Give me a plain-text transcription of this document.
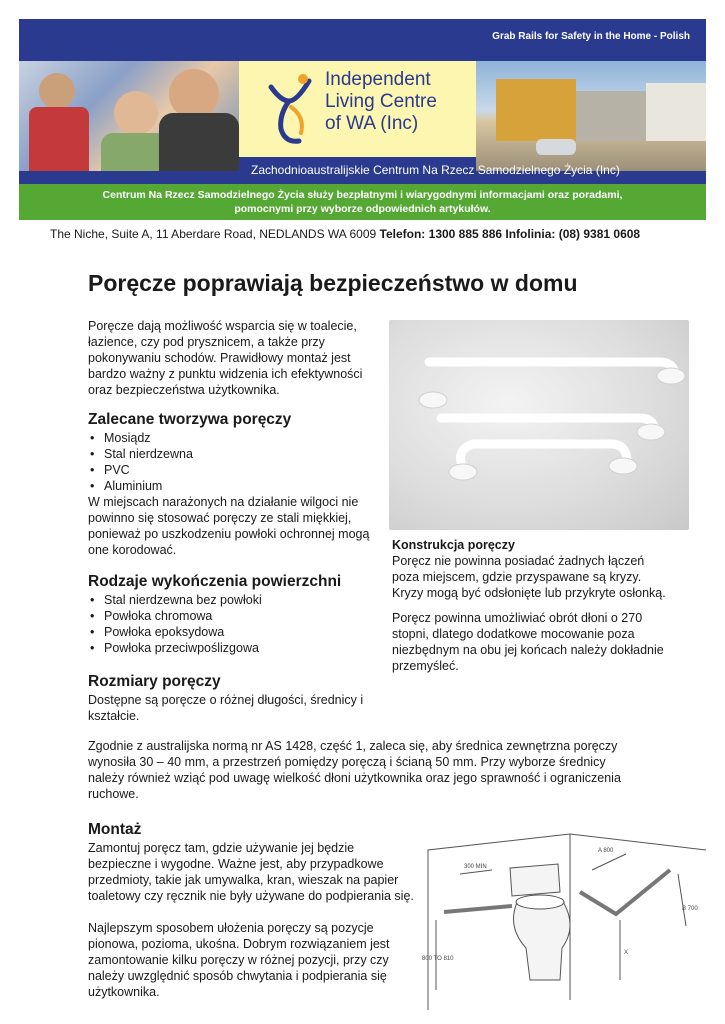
Grab Rails for Safety in the Home - Polish
Independent
Living Centre
of WA (Inc)
Zachodnioaustralijskie Centrum Na Rzecz Samodzielnego Życia (Inc)
Centrum Na Rzecz Samodzielnego Życia służy bezpłatnymi i wiarygodnymi informacjami oraz poradami,
pomocnymi przy wyborze odpowiednich artykułów.
The Niche, Suite A, 11 Aberdare Road, NEDLANDS WA 6009 Telefon: 1300 885 886 Infolinia: (08) 9381 0608
Poręcze poprawiają bezpieczeństwo w domu

Poręcze dają możliwość wsparcia się w toalecie,
łazience, czy pod prysznicem, a także przy
pokonywaniu schodów. Prawidłowy montaż jest
bardzo ważny z punktu widzenia ich efektywności
oraz bezpieczeństwa użytkownika.

Zalecane tworzywa poręczy
• Mosiądz
• Stal nierdzewna
• PVC
• Aluminium

W miejscach narażonych na działanie wilgoci nie
powinno się stosować poręczy ze stali miękkiej,
ponieważ po uszkodzeniu powłoki ochronnej mogą
one korodować.

Rodzaje wykończenia powierzchni
• Stal nierdzewna bez powłoki
• Powłoka chromowa
• Powłoka epoksydowa
• Powłoka przeciwpoślizgowa
Rozmiary poręczy

Dostępne są poręcze o różnej długości, średnicy i
kształcie.

Konstrukcja poręczy

Poręcz nie powinna posiadać żadnych łączeń
poza miejscem, gdzie przyspawane są kryzy.
Kryzy mogą być odsłonięte lub przykryte osłonką.

Poręcz powinna umożliwiać obrót dłoni o 270
stopni, dlatego dodatkowe mocowanie poza
niezbędnym na obu jej końcach należy dokładnie
przemyśleć.

Zgodnie z australijska normą nr AS 1428, część 1, zaleca się, aby średnica zewnętrzna poręczy
wynosiła 30 – 40 mm, a przestrzeń pomiędzy poręczą i ścianą 50 mm. Przy wyborze średnicy
należy również wziąć pod uwagę wielkość dłoni użytkownika oraz jego sprawność i ograniczenia
ruchowe.
Montaż

Zamontuj poręcz tam, gdzie używanie jej będzie
bezpieczne i wygodne. Ważne jest, aby przypadkowe
przedmioty, takie jak umywalka, kran, wieszak na papier
toaletowy czy ręcznik nie były używane do podpierania się.

Najlepszym sposobem ułożenia poręczy są pozycje
pionowa, pozioma, ukośna. Dobrym rozwiązaniem jest
zamontowanie kilku poręczy w różnej pozycji, przy czy
należy uwzględnić sposób chwytania i podpierania się
użytkownika.

300 MIN
A 800
B 700
800 TO 810
X
